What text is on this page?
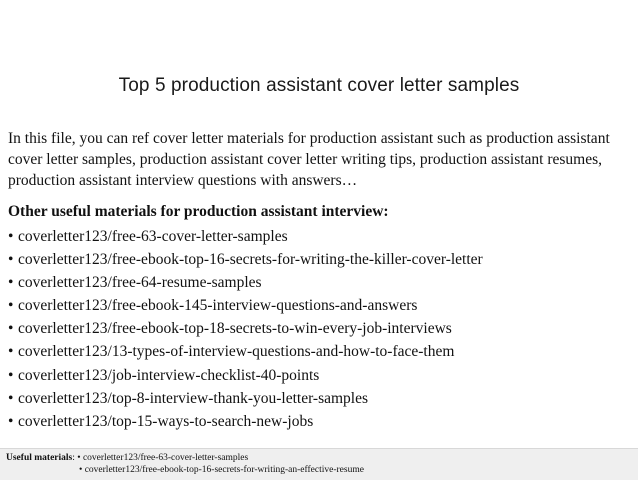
Top 5 production assistant cover letter samples
In this file, you can ref cover letter materials for production assistant such as production assistant cover letter samples, production assistant cover letter writing tips, production assistant resumes, production assistant interview questions with answers…
Other useful materials for production assistant interview:
• coverletter123/free-63-cover-letter-samples
• coverletter123/free-ebook-top-16-secrets-for-writing-the-killer-cover-letter
• coverletter123/free-64-resume-samples
• coverletter123/free-ebook-145-interview-questions-and-answers
• coverletter123/free-ebook-top-18-secrets-to-win-every-job-interviews
• coverletter123/13-types-of-interview-questions-and-how-to-face-them
• coverletter123/job-interview-checklist-40-points
• coverletter123/top-8-interview-thank-you-letter-samples
• coverletter123/top-15-ways-to-search-new-jobs
Useful materials: • coverletter123/free-63-cover-letter-samples
• coverletter123/free-ebook-top-16-secrets-for-writing-an-effective-resume
